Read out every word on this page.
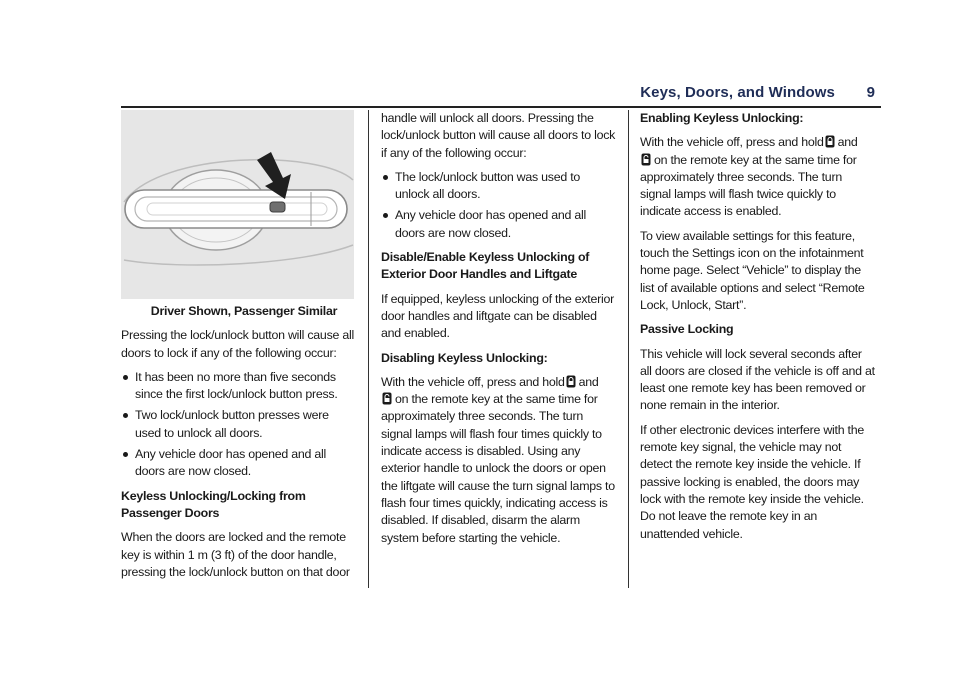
Keys, Doors, and Windows 9

Driver Shown, Passenger Similar

Pressing the lock/unlock button will cause all doors to lock if any of the following occur:

It has been no more than five seconds since the first lock/unlock button press.
Two lock/unlock button presses were used to unlock all doors.
Any vehicle door has opened and all doors are now closed.

Keyless Unlocking/Locking from Passenger Doors

When the doors are locked and the remote key is within 1 m (3 ft) of the door handle, pressing the lock/unlock button on that door

handle will unlock all doors. Pressing the lock/unlock button will cause all doors to lock if any of the following occur:

The lock/unlock button was used to unlock all doors.
Any vehicle door has opened and all doors are now closed.

Disable/Enable Keyless Unlocking of Exterior Door Handles and Liftgate

If equipped, keyless unlocking of the exterior door handles and liftgate can be disabled and enabled.

Disabling Keyless Unlocking:

With the vehicle off, press and hold and
on the remote key at the same time for approximately three seconds. The turn signal lamps will flash four times quickly to indicate access is disabled. Using any exterior handle to unlock the doors or open the liftgate will cause the turn signal lamps to flash four times quickly, indicating access is disabled. If disabled, disarm the alarm system before starting the vehicle.

Enabling Keyless Unlocking:

With the vehicle off, press and hold and
on the remote key at the same time for approximately three seconds. The turn signal lamps will flash twice quickly to indicate access is enabled.

To view available settings for this feature, touch the Settings icon on the infotainment home page. Select “Vehicle” to display the list of available options and select “Remote Lock, Unlock, Start”.

Passive Locking

This vehicle will lock several seconds after all doors are closed if the vehicle is off and at least one remote key has been removed or none remain in the interior.

If other electronic devices interfere with the remote key signal, the vehicle may not detect the remote key inside the vehicle. If passive locking is enabled, the doors may lock with the remote key inside the vehicle. Do not leave the remote key in an unattended vehicle.
